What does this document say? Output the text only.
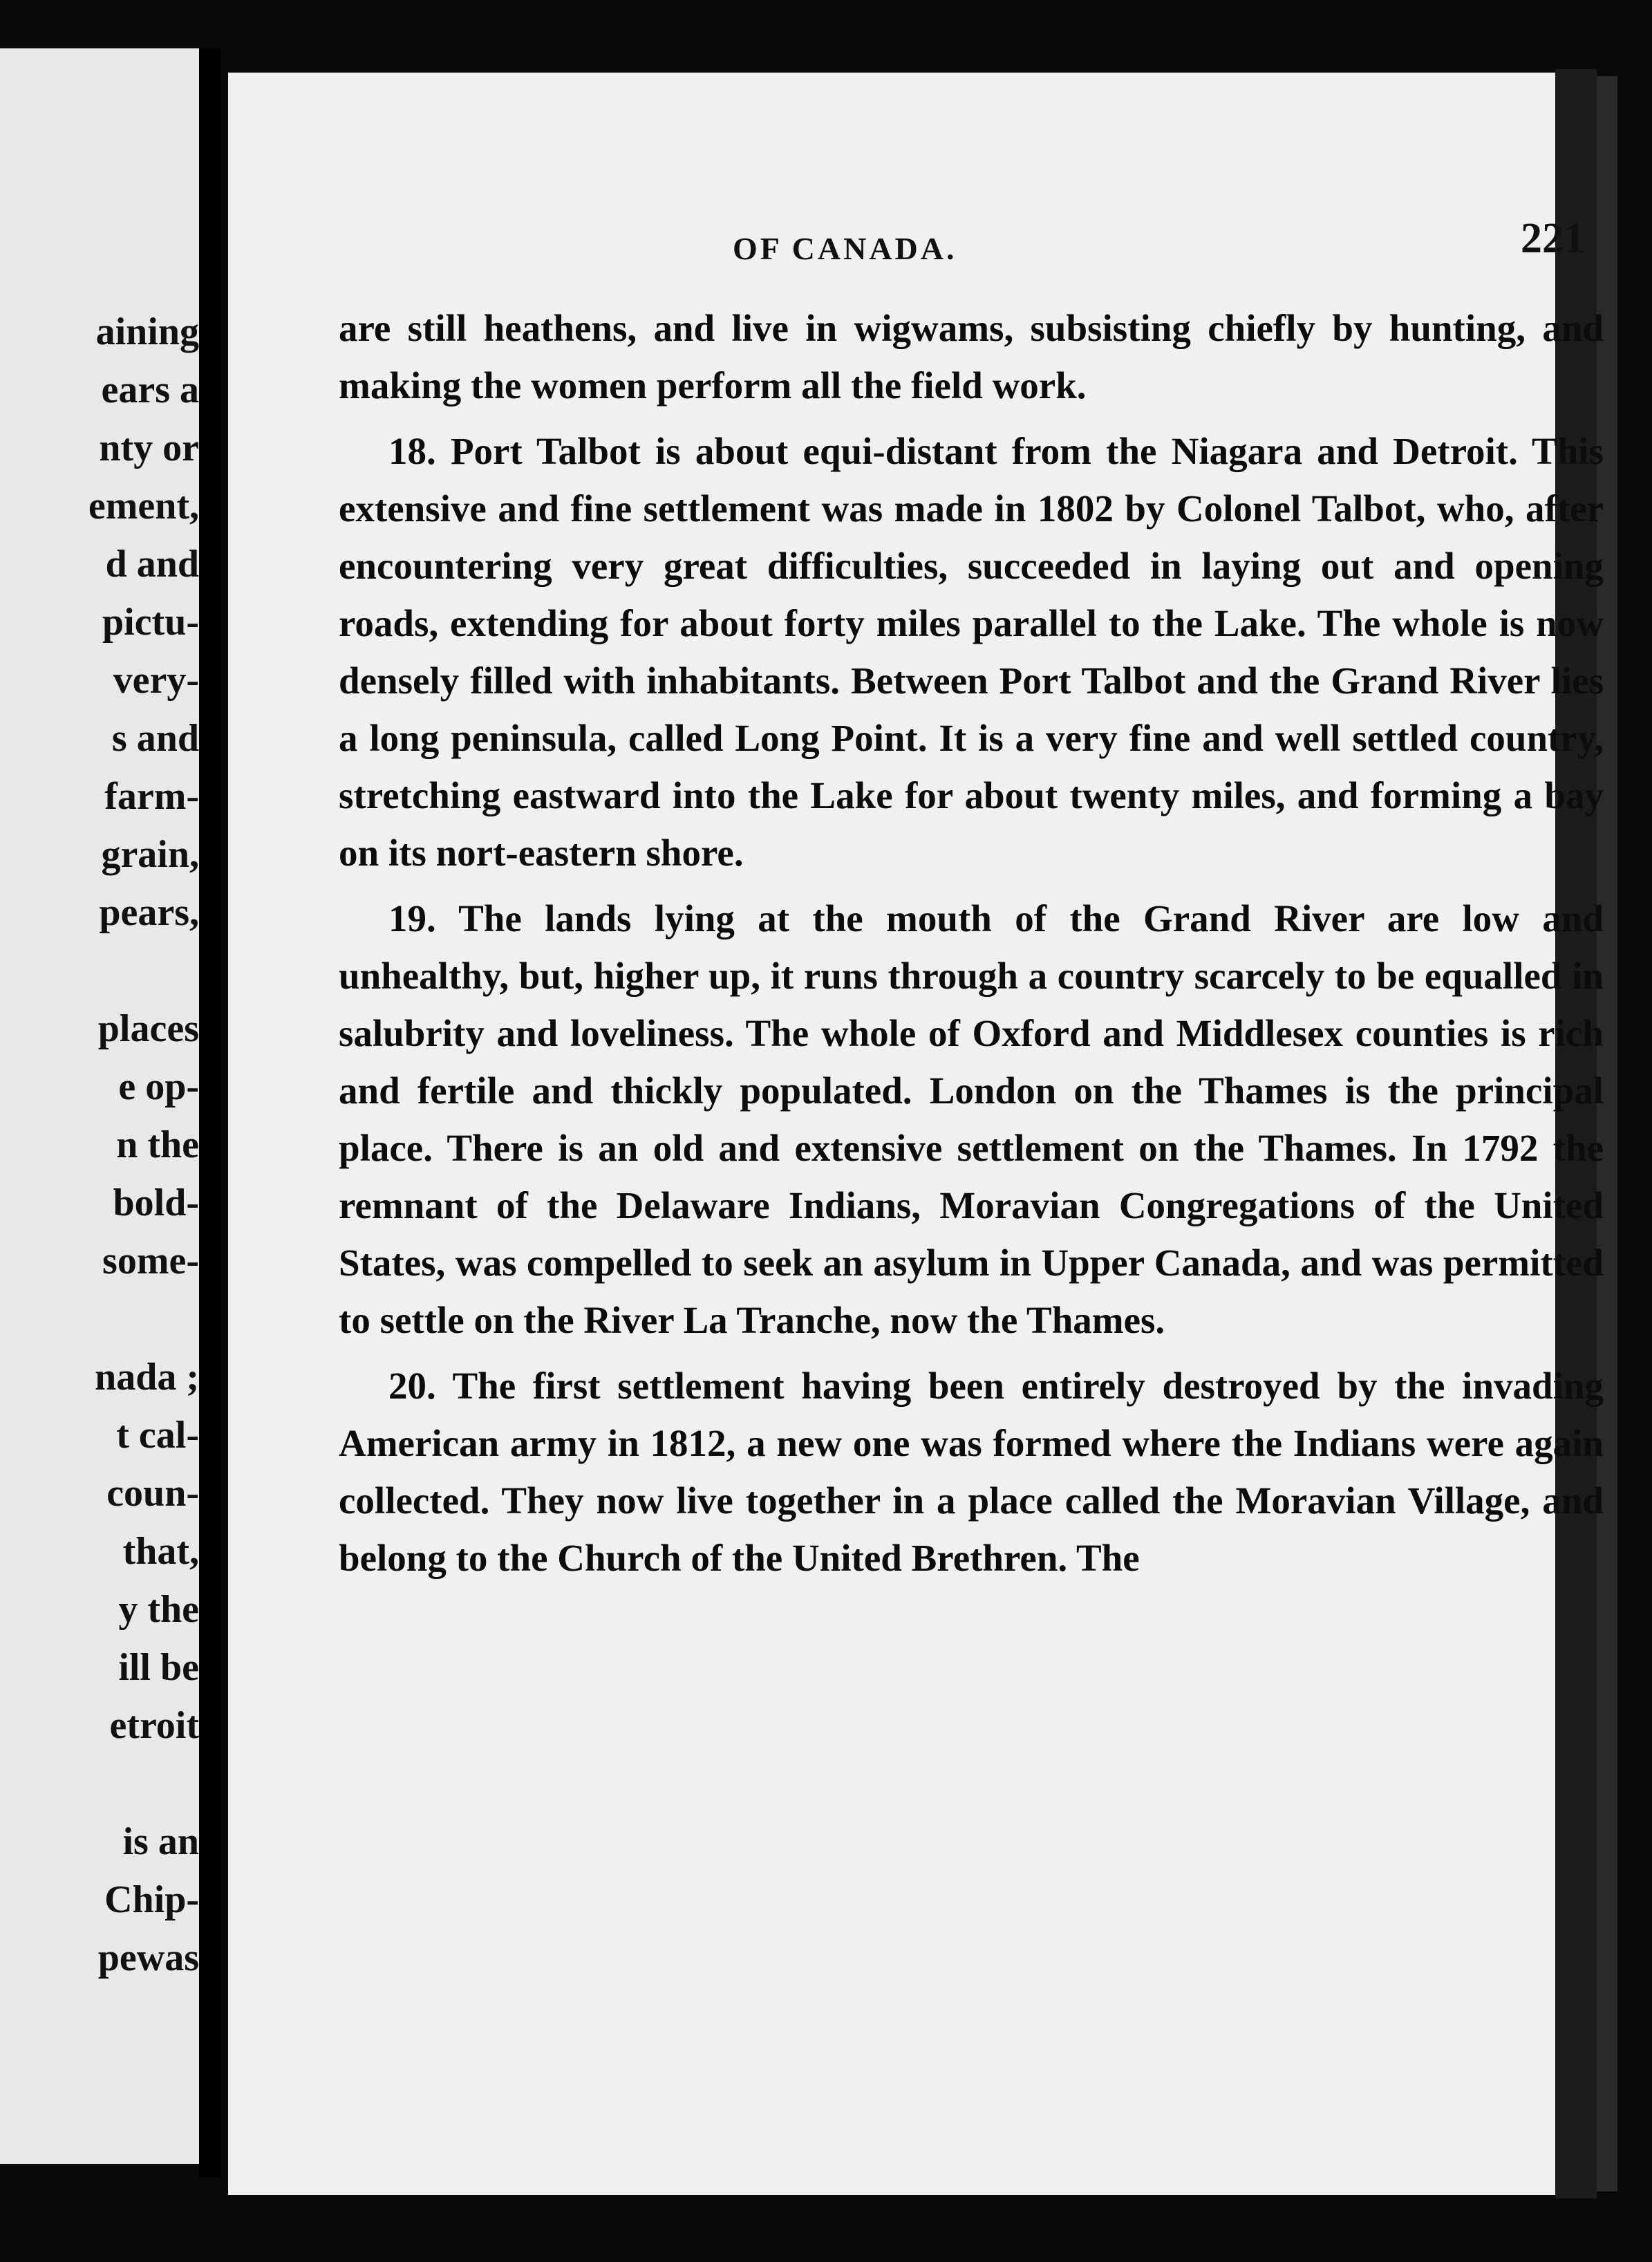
aining
ears a
nty or
ement,
d and
pictu-
very-
s and
farm-
grain,
pears,
places
e op-
n the
bold-
some-
nada ;
t cal-
coun-
that,
y the
ill be
etroit
is an
Chip-
pewas
OF CANADA.	221

are still heathens, and live in wigwams, subsisting chiefly by hunting, and making the women perform all the field work.

18. Port Talbot is about equi-distant from the Niagara and Detroit. This extensive and fine settlement was made in 1802 by Colonel Talbot, who, after encountering very great difficulties, succeeded in laying out and opening roads, extending for about forty miles parallel to the Lake. The whole is now densely filled with inhabitants. Between Port Talbot and the Grand River lies a long peninsula, called Long Point. It is a very fine and well settled country, stretching eastward into the Lake for about twenty miles, and forming a bay on its nort-eastern shore.

19. The lands lying at the mouth of the Grand River are low and unhealthy, but, higher up, it runs through a country scarcely to be equalled in salubrity and loveliness. The whole of Oxford and Middlesex counties is rich and fertile and thickly populated. London on the Thames is the principal place. There is an old and extensive settlement on the Thames. In 1792 the remnant of the Delaware Indians, Moravian Congregations of the United States, was compelled to seek an asylum in Upper Canada, and was permitted to settle on the River La Tranche, now the Thames.

20. The first settlement having been entirely destroyed by the invading American army in 1812, a new one was formed where the Indians were again collected. They now live together in a place called the Moravian Village, and belong to the Church of the United Brethren. The
